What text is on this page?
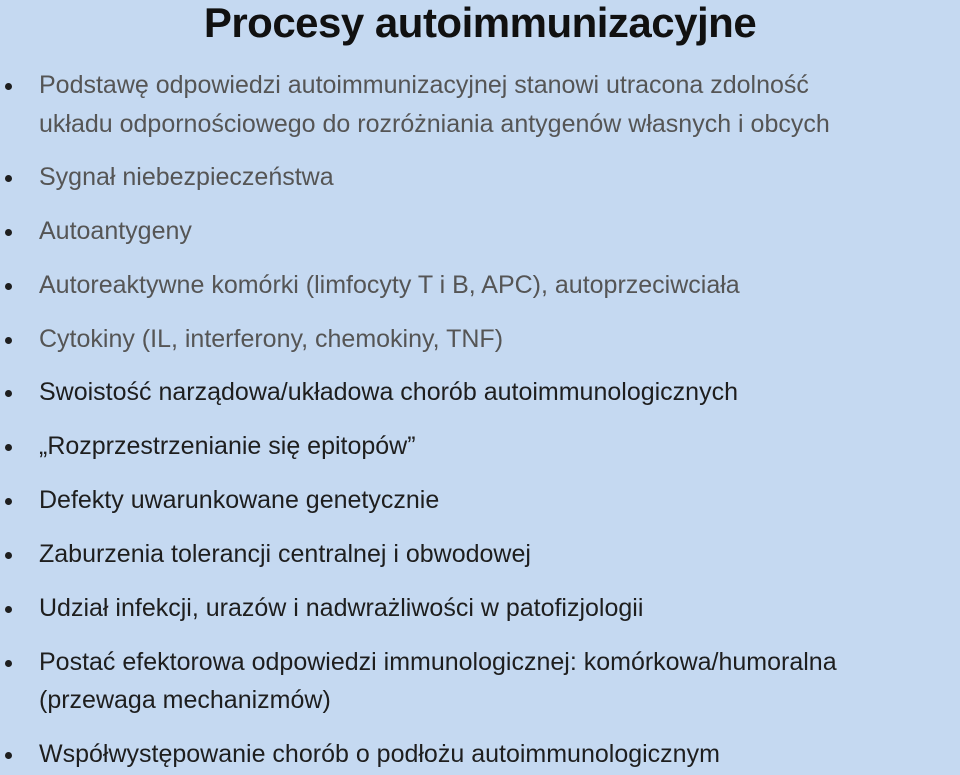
Procesy autoimmunizacyjne
Podstawę odpowiedzi autoimmunizacyjnej stanowi utracona zdolność
układu odpornościowego do rozróżniania antygenów własnych i obcych
Sygnał niebezpieczeństwa
Autoantygeny
Autoreaktywne komórki (limfocyty T i B, APC), autoprzeciwciała
Cytokiny (IL, interferony, chemokiny, TNF)
Swoistość narządowa/układowa chorób autoimmunologicznych
„Rozprzestrzenianie się epitopów”
Defekty uwarunkowane genetycznie
Zaburzenia tolerancji centralnej i obwodowej
Udział infekcji, urazów i nadwrażliwości w patofizjologii
Postać efektorowa odpowiedzi immunologicznej: komórkowa/humoralna
(przewaga mechanizmów)
Współwystępowanie chorób o podłożu autoimmunologicznym
